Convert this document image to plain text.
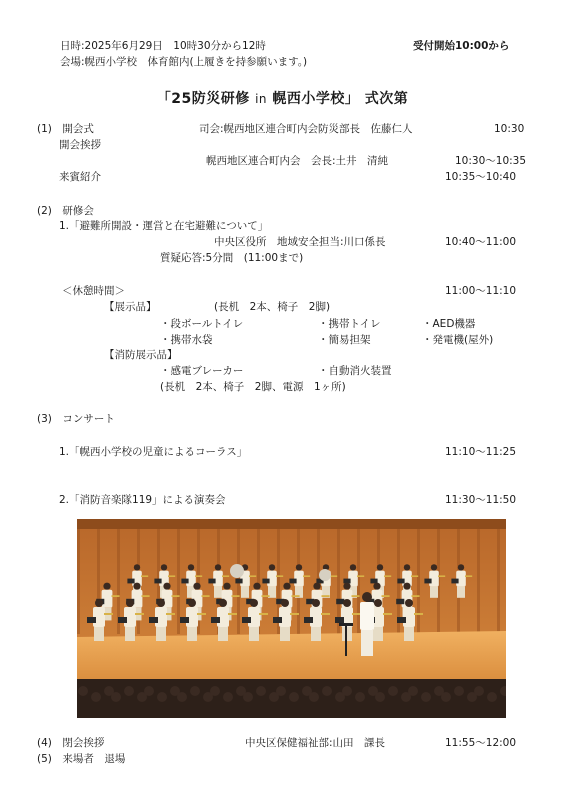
日時:2025年6月29日　10時30分から12時	受付開始10:00から
会場:幌西小学校　体育館内(上履きを持参願います。)
「25防災研修 in 幌西小学校」 式次第
(1)　開会式	司会:幌西地区連合町内会防災部長　佐藤仁人	10:30
開会挨拶
幌西地区連合町内会　会長:土井　清純	10:30〜10:35
来賓紹介	10:35〜10:40
(2)　研修会
1.「避難所開設・運営と在宅避難について」
中央区役所　地域安全担当:川口係長	10:40〜11:00
質疑応答:5分間　(11:00まで)
＜休憩時間＞	11:00〜11:10
【展示品】	(長机　2本、椅子　2脚)
・段ボールトイレ	・携帯トイレ	・AED機器
・携帯水袋	・簡易担架	・発電機(屋外)
【消防展示品】
・感電ブレーカー	・自動消火装置
(長机　2本、椅子　2脚、電源　1ヶ所)
(3)　コンサート
1.「幌西小学校の児童によるコーラス」	11:10〜11:25
2.「消防音楽隊119」による演奏会	11:30〜11:50
(4)　閉会挨拶	中央区保健福祉部:山田　課長	11:55〜12:00
(5)　来場者　退場
